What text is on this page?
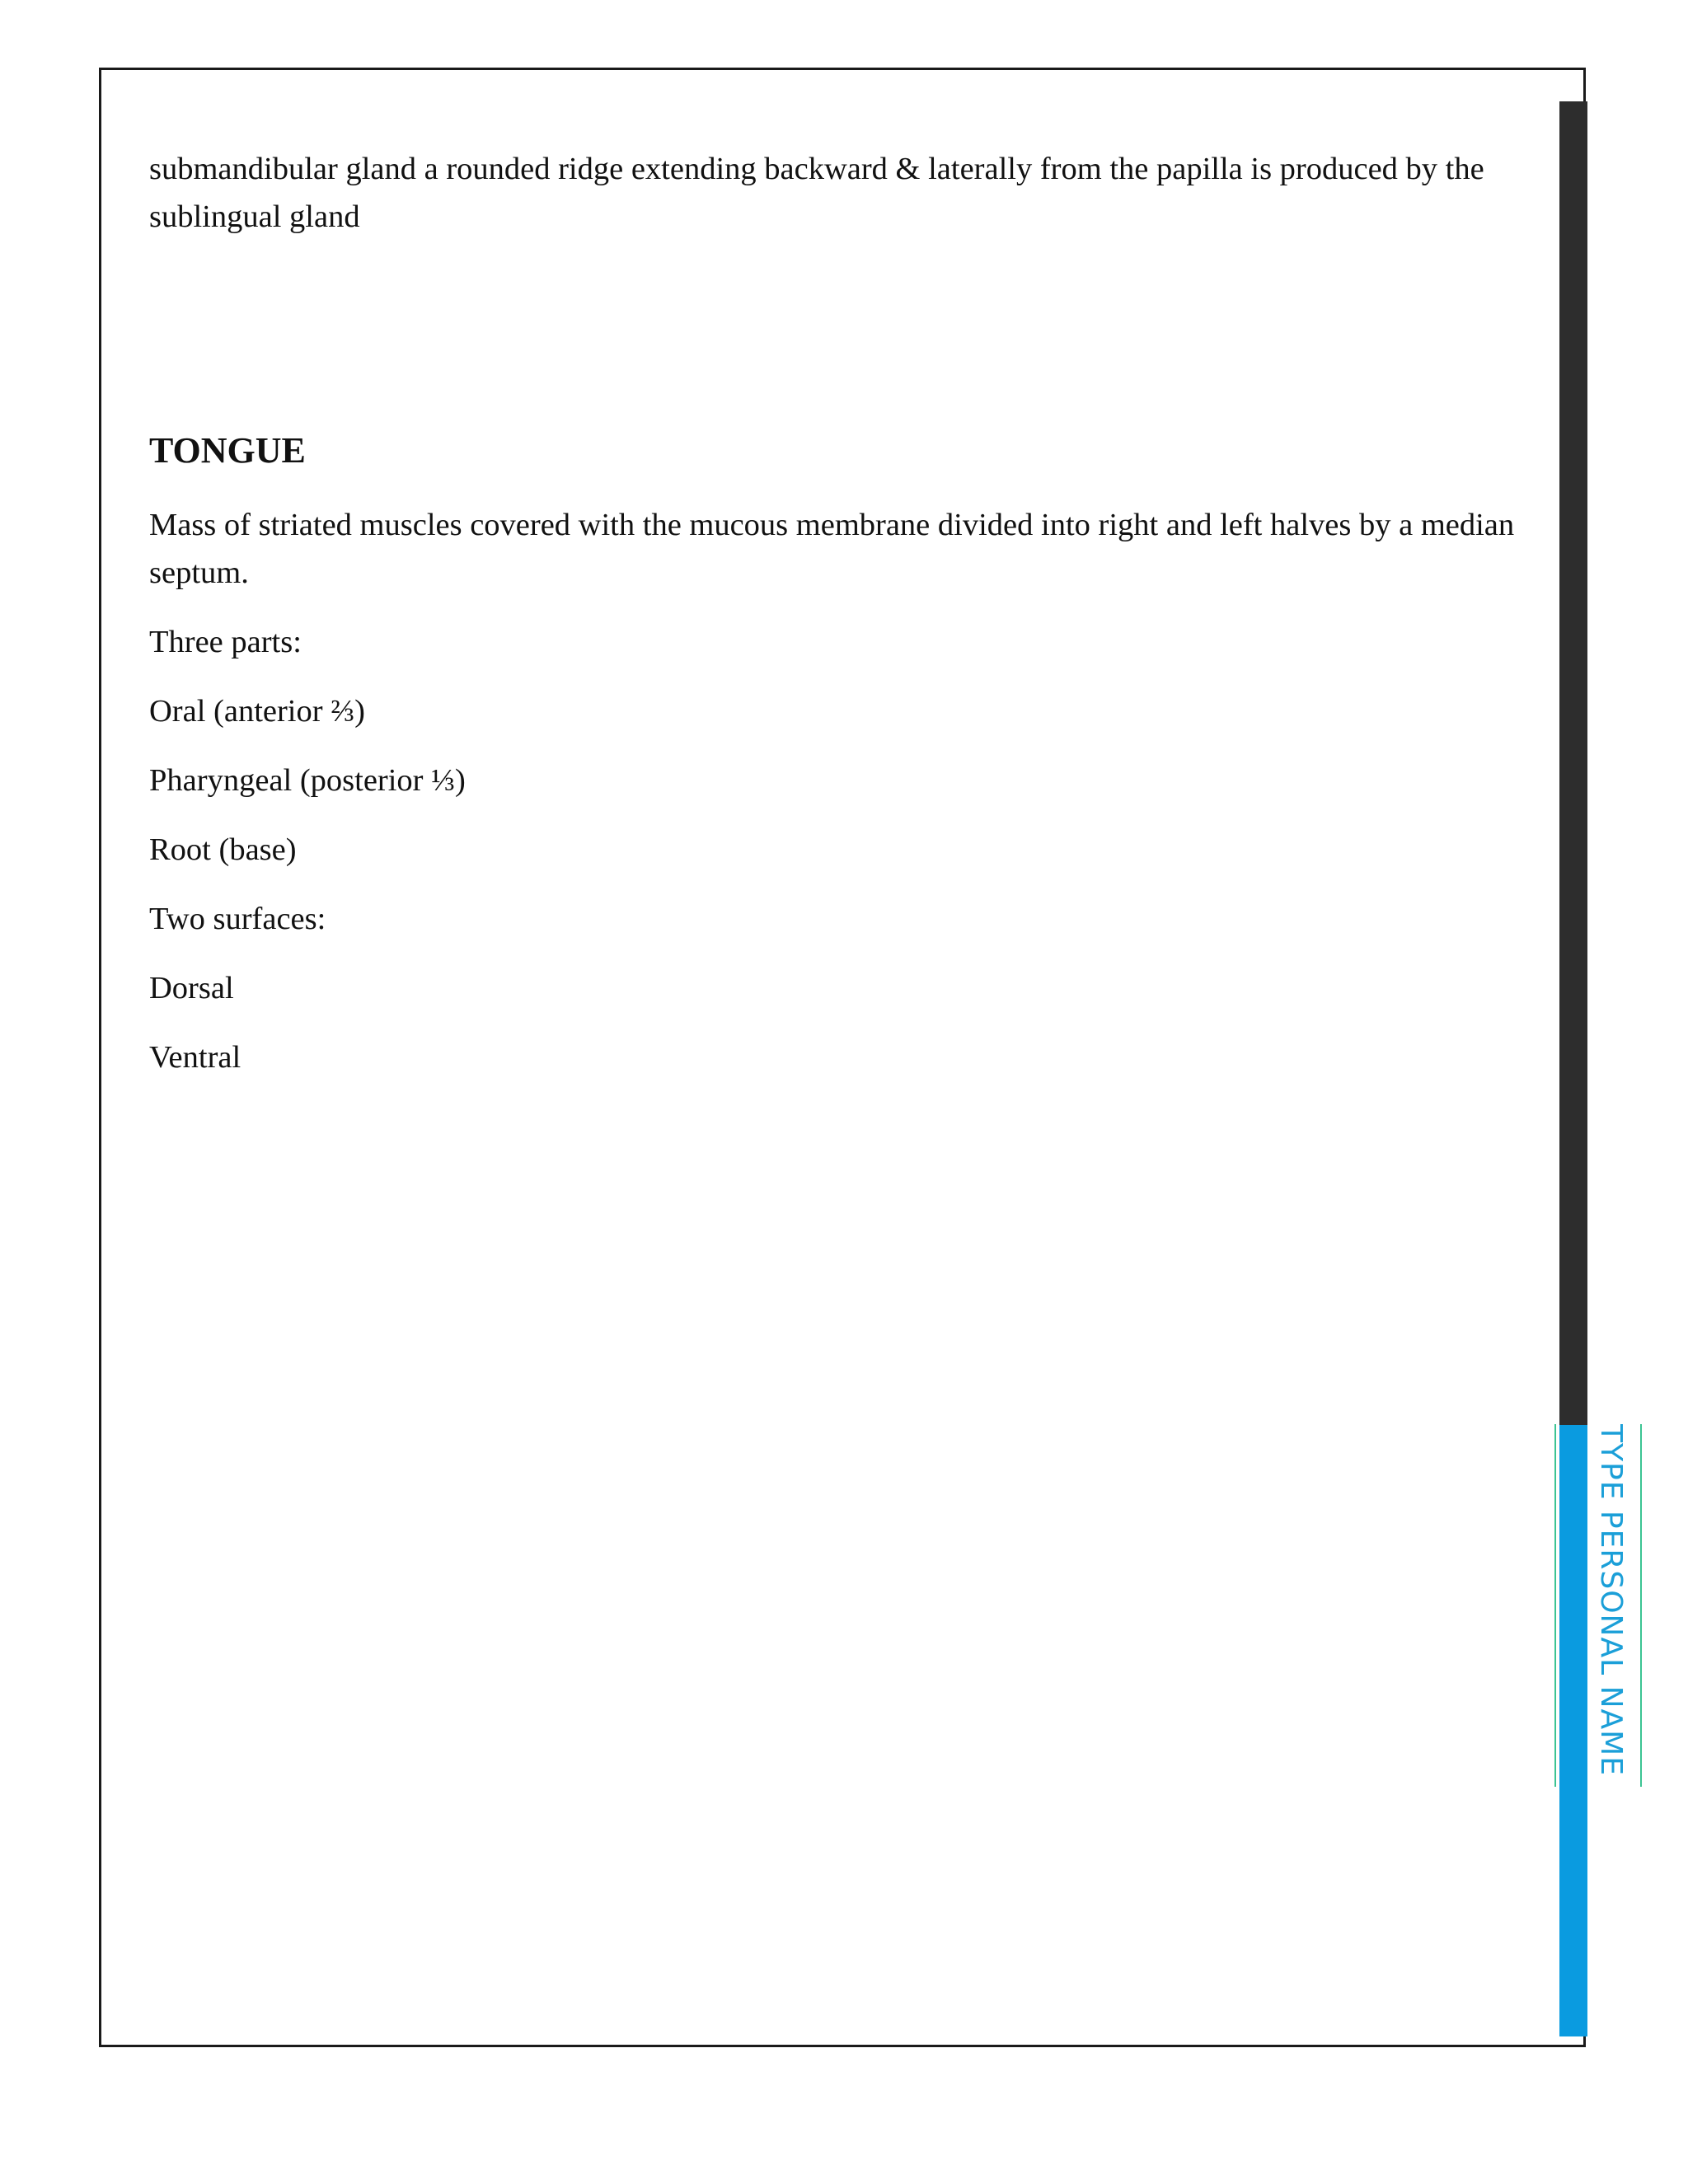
TYPE PERSONAL NAME

submandibular gland a rounded ridge extending backward & laterally from the papilla is produced by the sublingual gland

TONGUE

Mass of striated muscles covered with the mucous membrane divided into right and left halves by a median septum.

Three parts:

Oral (anterior ⅔)

Pharyngeal (posterior ⅓)

Root (base)

Two surfaces:

Dorsal

Ventral
